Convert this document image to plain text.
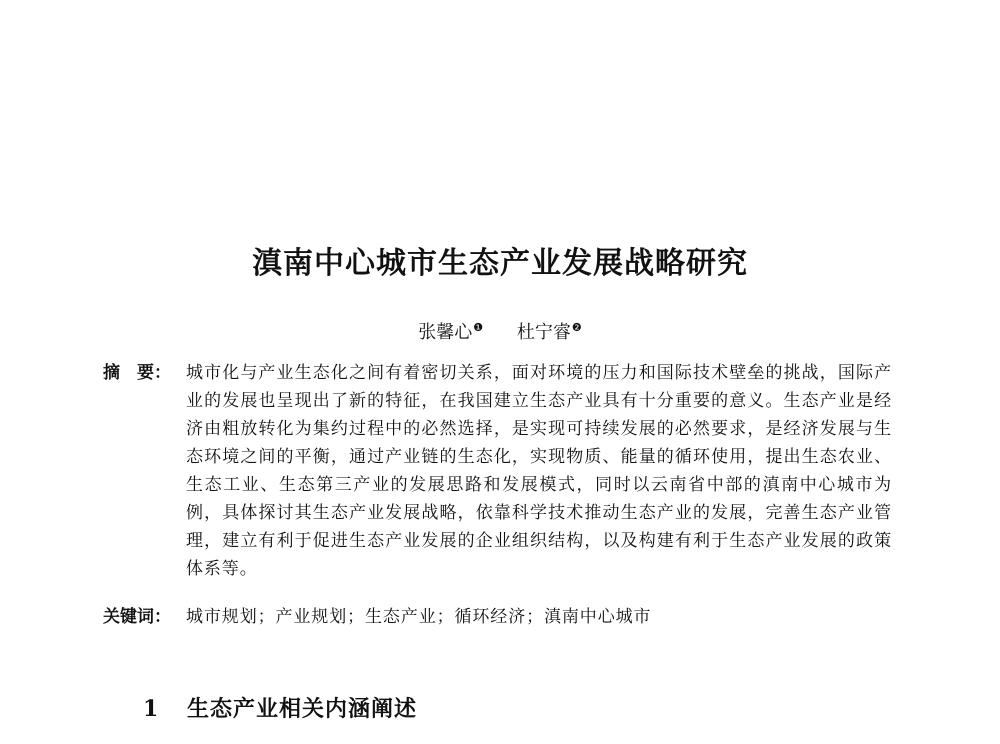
滇南中心城市生态产业发展战略研究
张馨心$^❶$ 杜宁睿$^❷$
摘　要： 城市化与产业生态化之间有着密切关系，面对环境的压力和国际技术壁垒的挑战，国际产业的发展也呈现出了新的特征，在我国建立生态产业具有十分重要的意义。生态产业是经济由粗放转化为集约过程中的必然选择，是实现可持续发展的必然要求，是经济发展与生态环境之间的平衡，通过产业链的生态化，实现物质、能量的循环使用，提出生态农业、生态工业、生态第三产业的发展思路和发展模式，同时以云南省中部的滇南中心城市为例，具体探讨其生态产业发展战略，依靠科学技术推动生态产业的发展，完善生态产业管理，建立有利于促进生态产业发展的企业组织结构，以及构建有利于生态产业发展的政策体系等。

关键词： 城市规划；产业规划；生态产业；循环经济；滇南中心城市

1 生态产业相关内涵阐述
